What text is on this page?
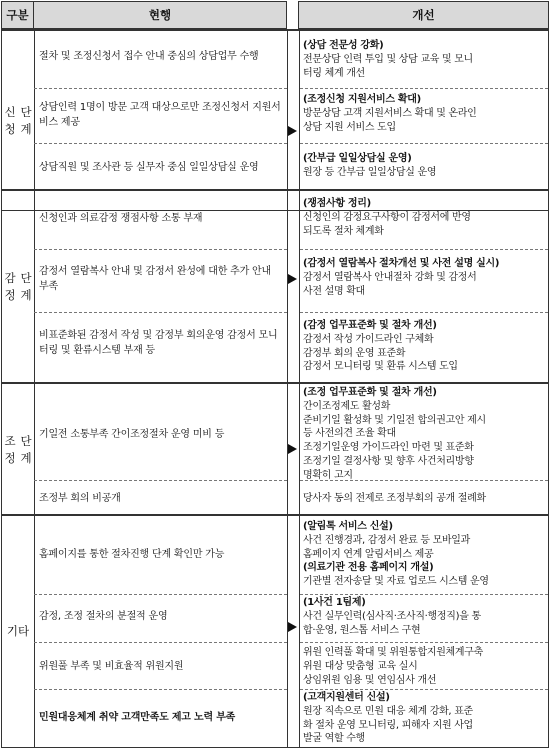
구분	현행	개선
신청

단계
절차 및 조정신청서 접수 안내 중심의 상담업무 수행
상담인력 1명이 방문 고객 대상으로만 조정신청서 지원서비스 제공
상담직원 및 조사관 등 실무자 중심 일일상담실 운영
(상담 전문성 강화)
전문상담 인력 투입 및 상담 교육 및 모니
터링 체계 개선
(조정신청 지원서비스 확대)
방문상담 고객 지원서비스 확대 및 온라인
상담 지원 서비스 도입
(간부급 일일상담실 운영)
원장 등 간부급 일일상담실 운영
감정

단계
신청인과 의료감정 쟁점사항 소통 부재
감정서 열람복사 안내 및 감정서 완성에 대한 추가 안내 부족
비표준화된 감정서 작성 및 감정부 회의운영 감정서 모니터링 및 환류시스템 부재 등
(쟁점사항 정리)
신청인의 감정요구사항이 감정서에 반영
되도록 절차 체계화
(감정서 열람복사 절차개선 및 사전 설명 실시)
감정서 열람복사 안내절차 강화 및 감정서
사전 설명 확대
(감정 업무표준화 및 절차 개선)
감정서 작성 가이드라인 구체화
감정부 회의 운영 표준화
감정서 모니터링 및 환류 시스템 도입
조정

단계
기일전 소통부족 간이조정절차 운영 미비 등
조정부 회의 비공개
(조정 업무표준화 및 절차 개선)
간이조정제도 활성화
준비기일 활성화 및 기일전 합의권고안 제시
등 사전의견 조율 확대
조정기일운영 가이드라인 마련 및 표준화
조정기일 결정사항 및 향후 사건처리방향
명확히 고지
당사자 동의 전제로 조정부회의 공개 절례화
기타
홈페이지를 통한 절차진행 단계 확인만 가능
감정, 조정 절차의 분절적 운영
위원풀 부족 및 비효율적 위원지원
민원대응체계 취약 고객만족도 제고 노력 부족
(알림톡 서비스 신설)
사건 진행경과, 감정서 완료 등 모바일과
홈페이지 연계 알림서비스 제공
(의료기관 전용 홈페이지 개설)
기관별 전자송달 및 자료 업로드 시스템 운영
(1사건 1팀제)
사건 실무인력(심사직·조사직·행정직)을 통
합·운영, 원스톱 서비스 구현
위원 인력풀 확대 및 위원통합지원체계구축
위원 대상 맞춤형 교육 실시
상임위원 임용 및 연임심사 개선
(고객지원센터 신설)
원장 직속으로 민원 대응 체계 강화, 표준
화 절차 운영 모니터링, 피해자 지원 사업
발굴 역할 수행
